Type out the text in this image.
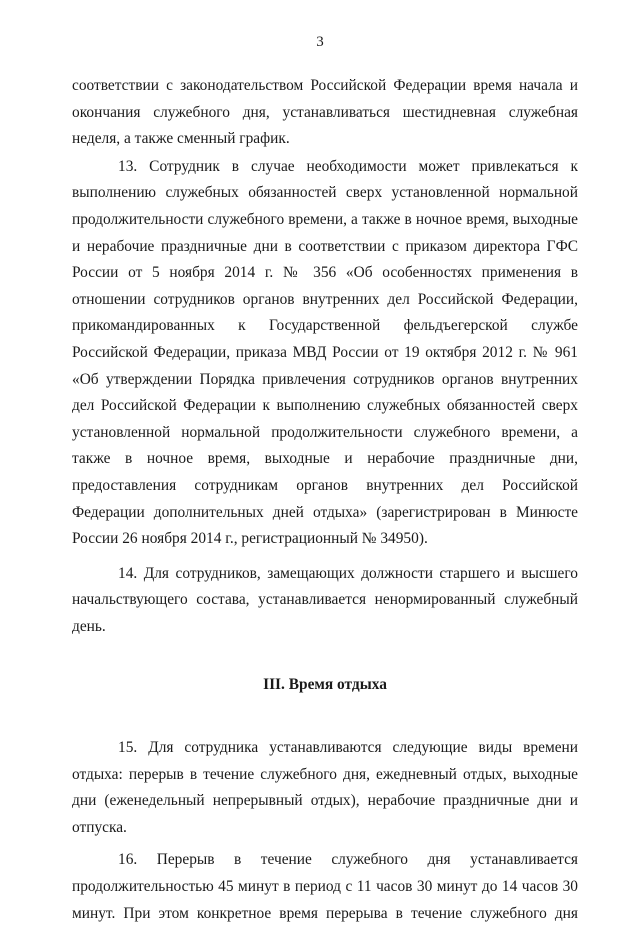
3

соответствии с законодательством Российской Федерации время начала и окончания служебного дня, устанавливаться шестидневная служебная неделя, а также сменный график.

13. Сотрудник в случае необходимости может привлекаться к выполнению служебных обязанностей сверх установленной нормальной продолжительности служебного времени, а также в ночное время, выходные и нерабочие праздничные дни в соответствии с приказом директора ГФС России от 5 ноября 2014 г. № 356 «Об особенностях применения в отношении сотрудников органов внутренних дел Российской Федерации, прикомандированных к Государственной фельдъегерской службе Российской Федерации, приказа МВД России от 19 октября 2012 г. № 961 «Об утверждении Порядка привлечения сотрудников органов внутренних дел Российской Федерации к выполнению служебных обязанностей сверх установленной нормальной продолжительности служебного времени, а также в ночное время, выходные и нерабочие праздничные дни, предоставления сотрудникам органов внутренних дел Российской Федерации дополнительных дней отдыха» (зарегистрирован в Минюсте России 26 ноября 2014 г., регистрационный № 34950).

14. Для сотрудников, замещающих должности старшего и высшего начальствующего состава, устанавливается ненормированный служебный день.

III. Время отдыха

15. Для сотрудника устанавливаются следующие виды времени отдыха: перерыв в течение служебного дня, ежедневный отдых, выходные дни (еженедельный непрерывный отдых), нерабочие праздничные дни и отпуска.

16. Перерыв в течение служебного дня устанавливается продолжительностью 45 минут в период с 11 часов 30 минут до 14 часов 30 минут. При этом конкретное время перерыва в течение служебного дня
